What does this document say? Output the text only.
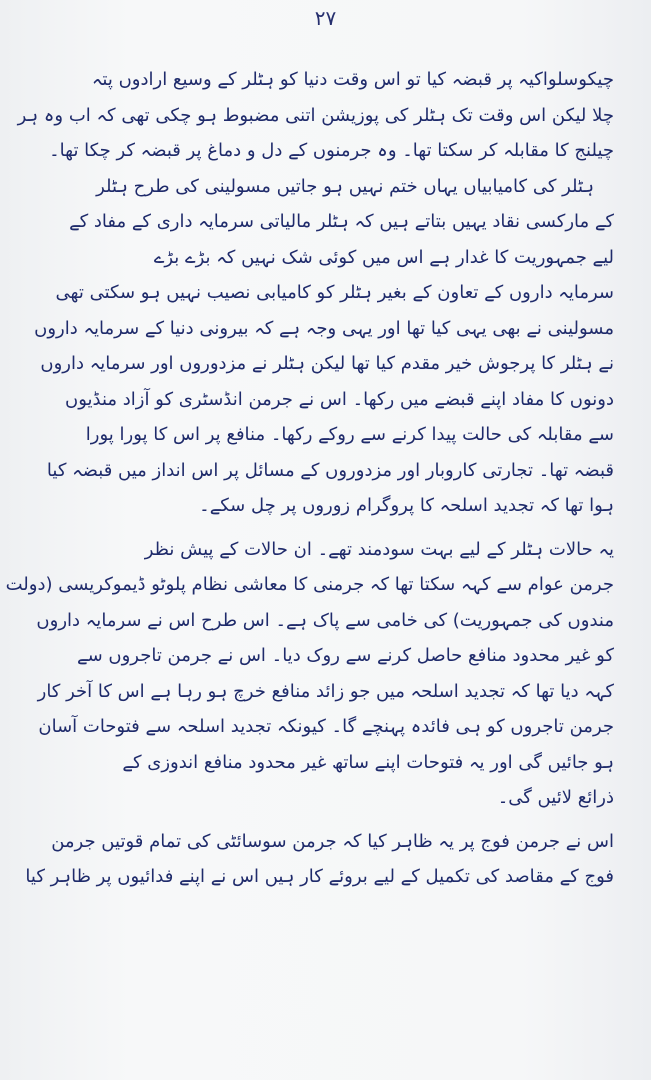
۲۷
چیکوسلواکیہ پر قبضہ کیا تو اس وقت دنیا کو ہٹلر کے وسیع ارادوں پتہ
چلا لیکن اس وقت تک ہٹلر کی پوزیشن اتنی مضبوط ہو چکی تھی کہ اب وہ ہر
چیلنج کا مقابلہ کر سکتا تھا۔ وہ جرمنوں کے دل و دماغ پر قبضہ کر چکا تھا۔
ہٹلر کی کامیابیاں یہاں ختم نہیں ہو جاتیں مسولینی کی طرح ہٹلر
کے مارکسی نقاد یہیں بتاتے ہیں کہ ہٹلر مالیاتی سرمایہ داری کے مفاد کے
لیے جمہوریت کا غدار ہے اس میں کوئی شک نہیں کہ بڑے بڑے
سرمایہ داروں کے تعاون کے بغیر ہٹلر کو کامیابی نصیب نہیں ہو سکتی تھی
مسولینی نے بھی یہی کیا تھا اور یہی وجہ ہے کہ بیرونی دنیا کے سرمایہ داروں
نے ہٹلر کا پرجوش خیر مقدم کیا تھا لیکن ہٹلر نے مزدوروں اور سرمایہ داروں
دونوں کا مفاد اپنے قبضے میں رکھا۔ اس نے جرمن انڈسٹری کو آزاد منڈیوں
سے مقابلہ کی حالت پیدا کرنے سے روکے رکھا۔ منافع پر اس کا پورا پورا
قبضہ تھا۔ تجارتی کاروبار اور مزدوروں کے مسائل پر اس انداز میں قبضہ کیا
ہوا تھا کہ تجدید اسلحہ کا پروگرام زوروں پر چل سکے۔
یہ حالات ہٹلر کے لیے بہت سودمند تھے۔ ان حالات کے پیش نظر
جرمن عوام سے کہہ سکتا تھا کہ جرمنی کا معاشی نظام پلوٹو ڈیموکریسی (دولت
مندوں کی جمہوریت) کی خامی سے پاک ہے۔ اس طرح اس نے سرمایہ داروں
کو غیر محدود منافع حاصل کرنے سے روک دیا۔ اس نے جرمن تاجروں سے
کہہ دیا تھا کہ تجدید اسلحہ میں جو زائد منافع خرچ ہو رہا ہے اس کا آخر کار
جرمن تاجروں کو ہی فائدہ پہنچے گا۔ کیونکہ تجدید اسلحہ سے فتوحات آسان
ہو جائیں گی اور یہ فتوحات اپنے ساتھ غیر محدود منافع اندوزی کے
ذرائع لائیں گی۔
اس نے جرمن فوج پر یہ ظاہر کیا کہ جرمن سوسائٹی کی تمام قوتیں جرمن
فوج کے مقاصد کی تکمیل کے لیے بروئے کار ہیں اس نے اپنے فدائیوں پر ظاہر کیا
